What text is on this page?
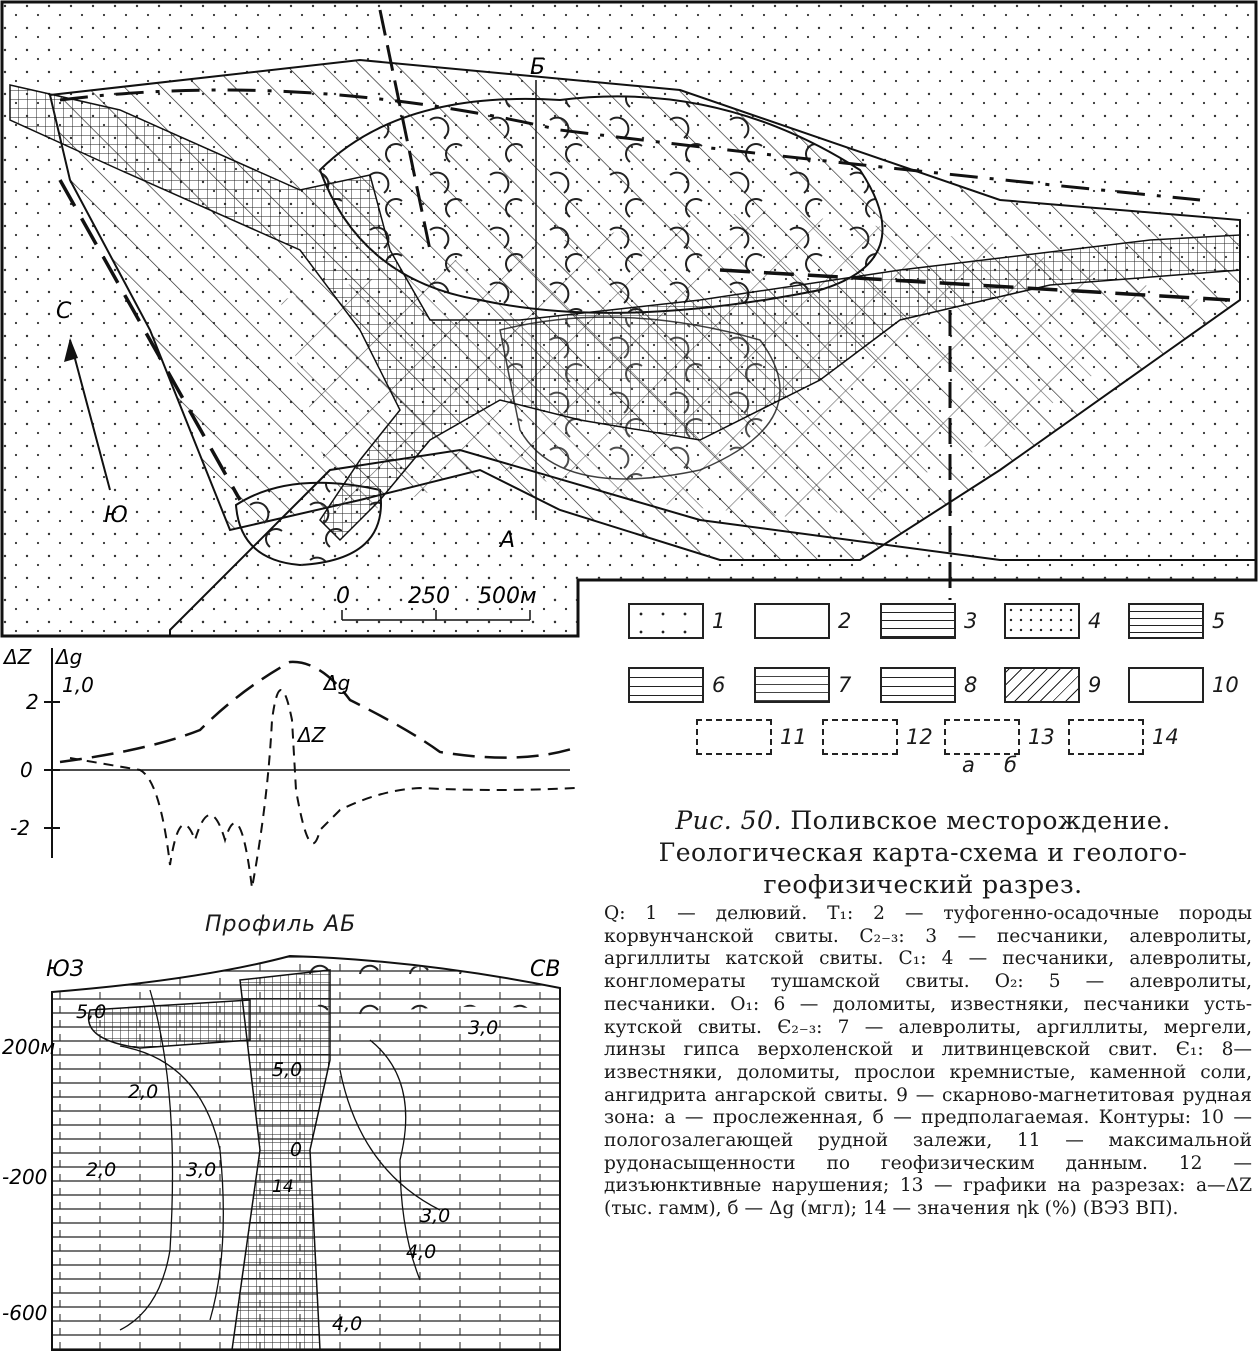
Б
А
С
Ю
0	250 500м
ΔZ Δg
2
1,0
0
-2
Δg
ΔZ
Профиль АБ
ЮЗ	СВ
200м
-200
-600
5,0
3,0
2,0
2,0	3,0
5,0
0
4,0
3,0
4,0
14
1	2	3	4	5
6	7	8	9	10
11	12	13	14
а б
Рис. 50. Поливское месторождение.
Геологическая карта-схема и геолого-
геофизический разрез.
Q: 1 — делювий. T₁: 2 — туфогенно-осадочные породы корвунчанской свиты. C₂₋₃: 3 — песчаники, алевролиты, аргиллиты катской свиты. C₁: 4 — песчаники, алевролиты, конгломераты тушамской свиты. O₂: 5 — алевролиты, песчаники. O₁: 6 — доломиты, известняки, песчаники усть-кутской свиты. Є₂₋₃: 7 — алевролиты, аргиллиты, мергели, линзы гипса верхоленской и литвинцевской свит. Є₁: 8— известняки, доломиты, прослои кремнистые, каменной соли, ангидрита ангарской свиты. 9 — скарново-магнетитовая рудная зона: а — прослеженная, б — предполагаемая. Контуры: 10 — пологозалегающей рудной залежи, 11 — максимальной рудонасыщенности по геофизическим данным. 12 — дизъюнктивные нарушения; 13 — графики на разрезах: а—ΔZ (тыс. гамм), б — Δg (мгл); 14 — значения ηk (%) (ВЭЗ ВП).
